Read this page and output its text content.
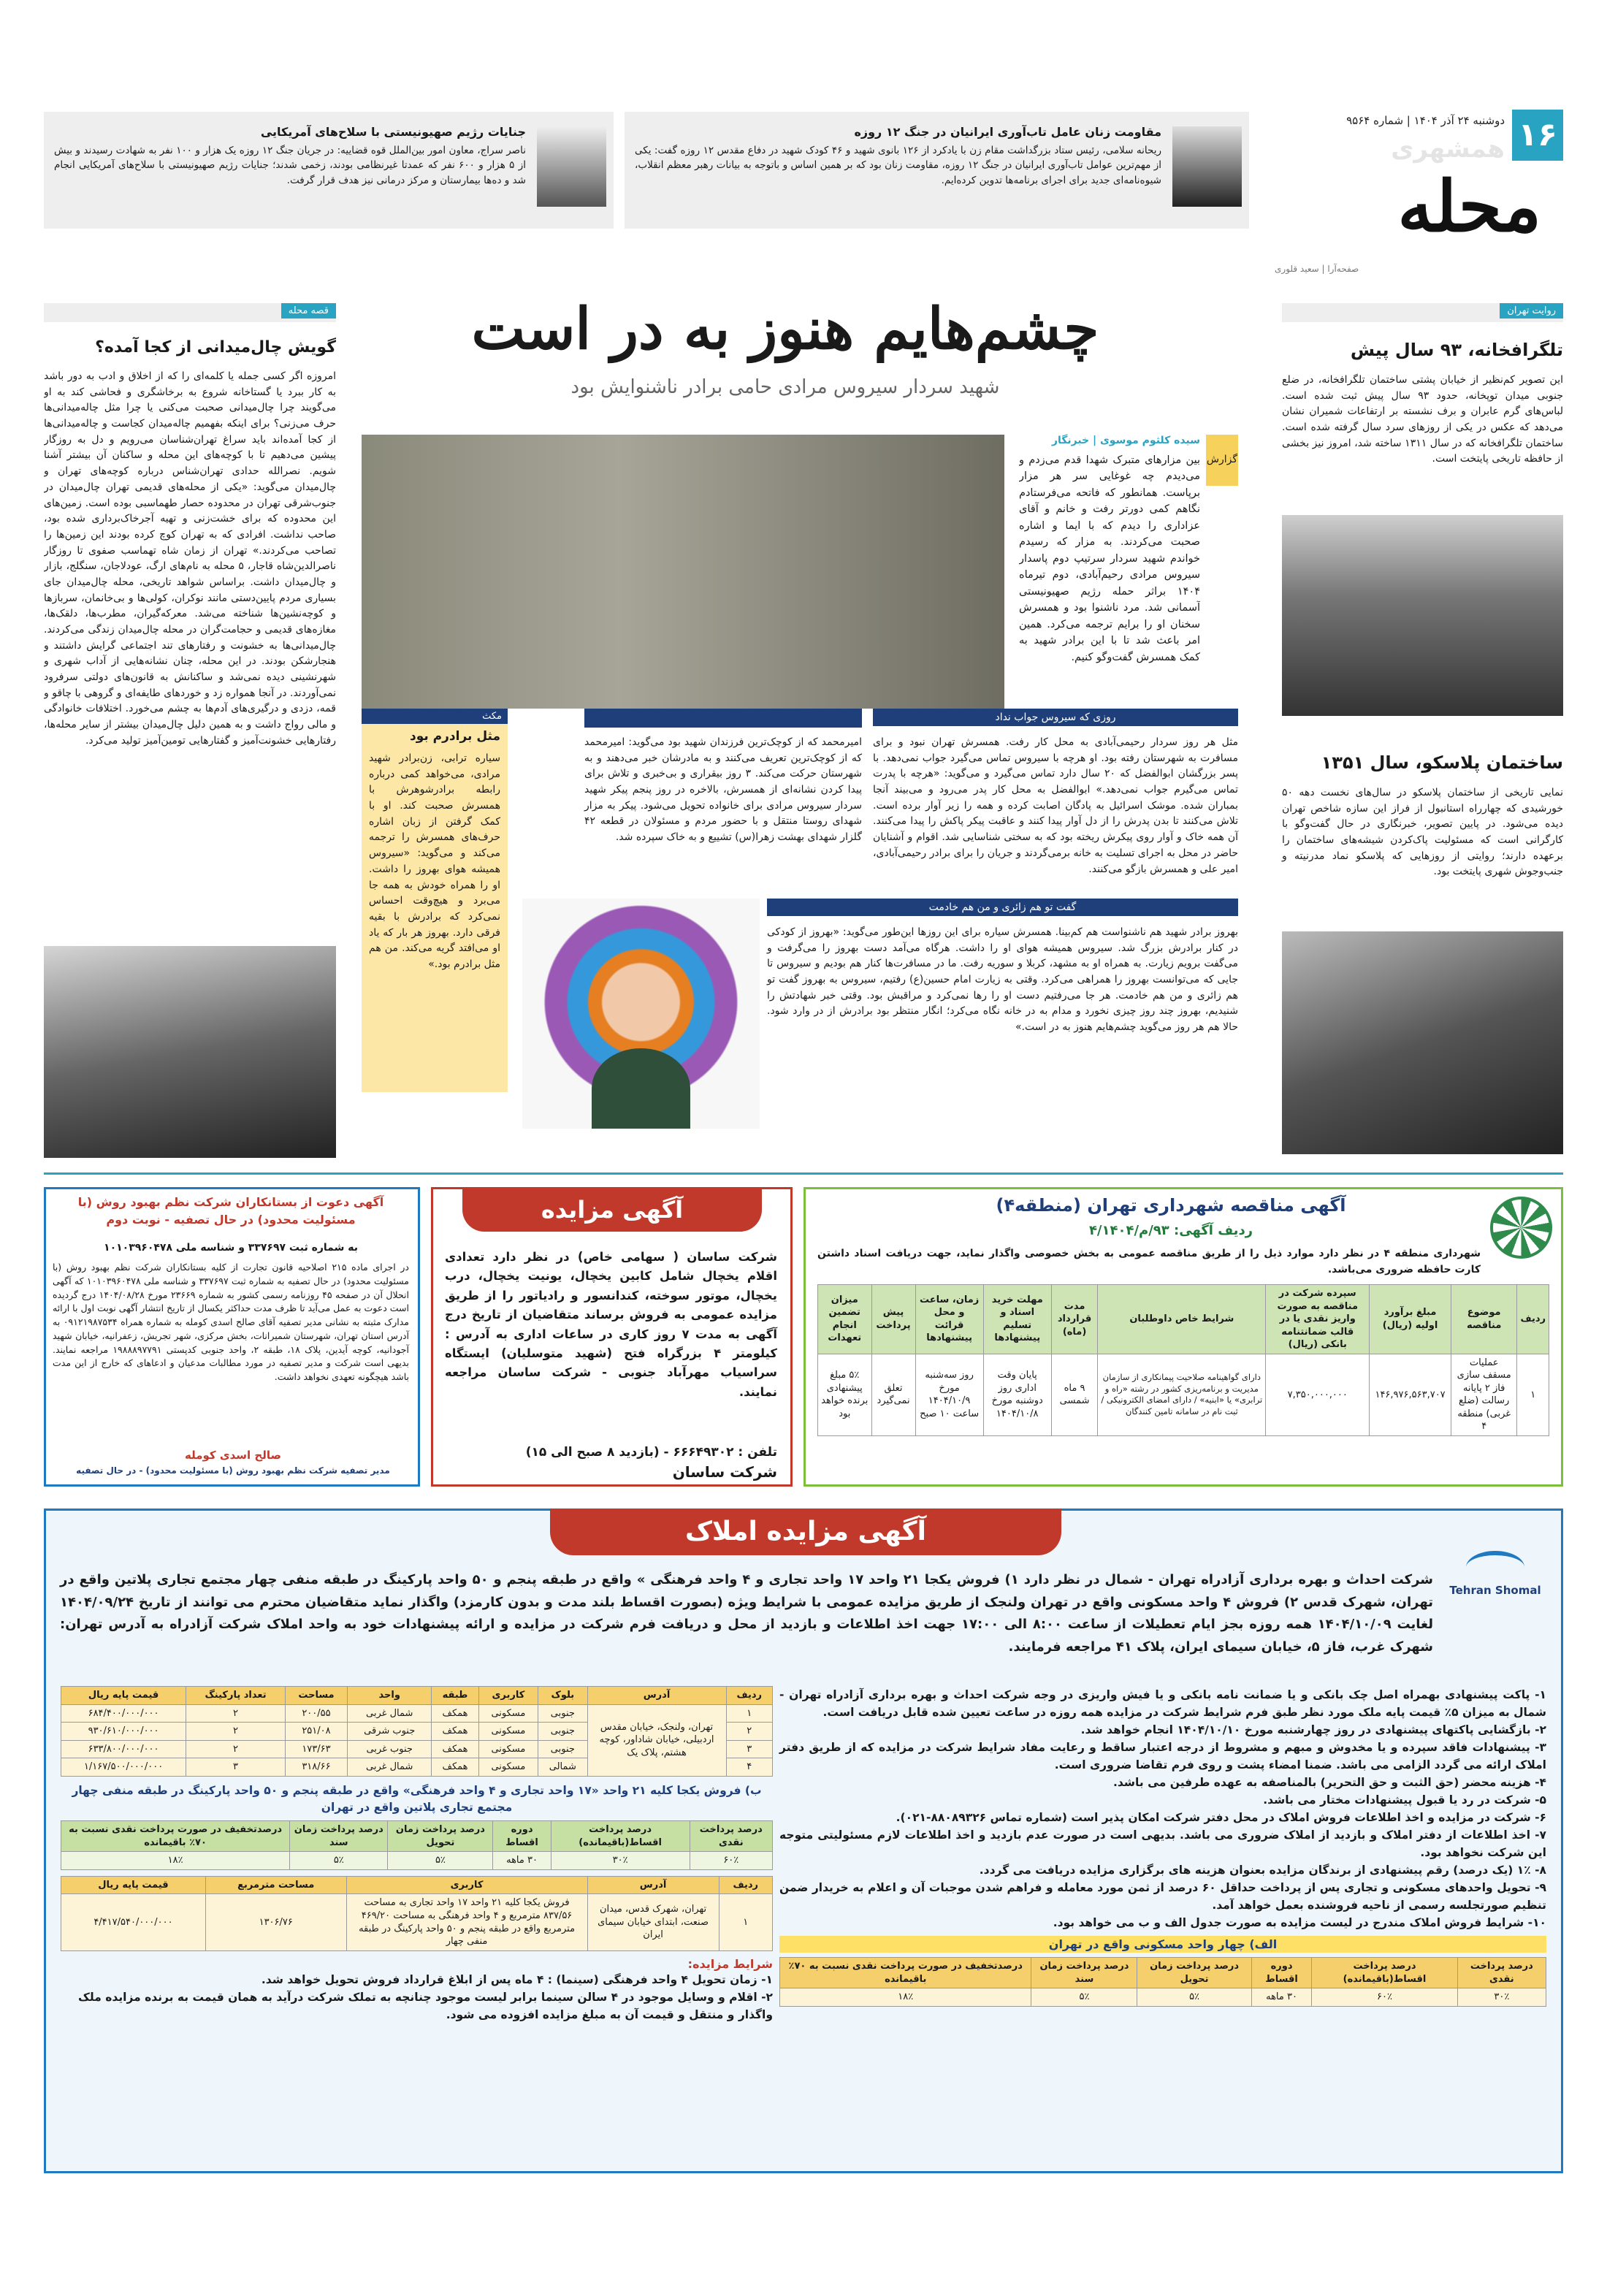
۱۶
دوشنبه ۲۴ آذر ۱۴۰۴ | شماره ۹۵۶۴
همشهری
محله
صفحه‌آرا | سعید قلوری
مقاومت زنان عامل تاب‌آوری ایرانیان در جنگ ۱۲ روزه
ریحانه سلامی، رئیس ستاد بزرگداشت مقام زن با یادکرد از ۱۲۶ بانوی شهید و ۴۶ کودک شهید در دفاع مقدس ۱۲ روزه گفت: یکی از مهم‌ترین عوامل تاب‌آوری ایرانیان در جنگ ۱۲ روزه، مقاومت زنان بود که بر همین اساس و باتوجه به بیانات رهبر معظم انقلاب، شیوه‌نامه‌ای جدید برای اجرای برنامه‌ها تدوین کرده‌ایم.
جنایات رژیم صهیونیستی با سلاح‌های آمریکایی
ناصر سراج، معاون امور بین‌الملل قوه قضاییه: در جریان جنگ ۱۲ روزه یک هزار و ۱۰۰ نفر به شهادت رسیدند و بیش از ۵ هزار و ۶۰۰ نفر که عمدتا غیرنظامی بودند، زخمی شدند؛ جنایات رژیم صهیونیستی با سلاح‌های آمریکایی انجام شد و ده‌ها بیمارستان و مرکز درمانی نیز هدف قرار گرفت.
روایت تهران
تلگرافخانه، ۹۳ سال پیش
این تصویر کم‌نظیر از خیابان پشتی ساختمان تلگرافخانه، در ضلع جنوبی میدان توپخانه، حدود ۹۳ سال پیش ثبت شده است. لباس‌های گرم عابران و برف نشسته بر ارتفاعات شمیران نشان می‌دهد که عکس در یکی از روزهای سرد سال گرفته شده است. ساختمان تلگرافخانه که در سال ۱۳۱۱ ساخته شد، امروز نیز بخشی از حافظه تاریخی پایتخت است.
ساختمان پلاسکو، سال ۱۳۵۱
نمایی تاریخی از ساختمان پلاسکو در سال‌های نخست دهه ۵۰ خورشیدی که چهارراه استانبول از فراز این سازه شاخص تهران دیده می‌شود. در پایین تصویر، خبرنگاری در حال گفت‌وگو با کارگرانی است که مسئولیت پاک‌کردن شیشه‌های ساختمان را برعهده دارند؛ روایتی از روزهایی که پلاسکو نماد مدرنیته و جنب‌وجوش شهری پایتخت بود.
چشم‌هایم هنوز به در است
شهید سردار سیروس مرادی حامی برادر ناشنوایش بود
گزارش
سیده کلثوم موسوی | خبرنگار
بین مزارهای متبرک شهدا قدم می‌زدم و می‌دیدم چه غوغایی سر هر مزار برپاست. همانطور که فاتحه می‌فرستادم نگاهم کمی دورتر رفت و خانم و آقای عزاداری را دیدم که با ایما و اشاره صحبت می‌کردند. به مزار که رسیدم خواندم شهید سردار سرتیپ دوم پاسدار سیروس مرادی رحیم‌آبادی، دوم تیرماه ۱۴۰۴ براثر حمله رژیم صهیونیستی آسمانی شد. مرد ناشنوا بود و همسرش سخنان او را برایم ترجمه می‌کرد. همین امر باعث شد تا با این برادر شهید به کمک همسرش گفت‌وگو کنیم.
روزی که سیروس جواب نداد
مثل هر روز سردار رحیمی‌آبادی به محل کار رفت. همسرش تهران نبود و برای مسافرت به شهرستان رفته بود. او هرچه با سیروس تماس می‌گیرد جواب نمی‌دهد. با پسر بزرگشان ابوالفضل که ۲۰ سال دارد تماس می‌گیرد و می‌گوید: «هرچه با پدرت تماس می‌گیرم جواب نمی‌دهد.» ابوالفضل به محل کار پدر می‌رود و می‌بیند آنجا بمباران شده. موشک اسرائیل به پادگان اصابت کرده و همه را زیر آوار برده است. تلاش می‌کنند تا بدن پدرش را از دل آوار پیدا کنند و عاقبت پیکر پاکش را پیدا می‌کنند. آن همه خاک و آوار روی پیکرش ریخته بود که به سختی شناسایی شد. اقوام و آشنایان حاضر در محل به اجرای تسلیت به خانه برمی‌گردند و جریان را برای برادر رحیمی‌آبادی، امیر علی و همسرش بازگو می‌کنند.
امیرمحمد که از کوچک‌ترین فرزندان شهید بود می‌گوید: امیرمحمد که از کوچک‌ترین تعریف می‌کنند و به مادرشان خبر می‌دهند و به شهرستان حرکت می‌کند. ۳ روز بیقراری و بی‌خبری و تلاش برای پیدا کردن نشانه‌ای از همسرش، بالاخره در روز پنجم پیکر شهید سردار سیروس مرادی برای خانواده تحویل می‌شود. پیکر به مزار شهدای روستا منتقل و با حضور مردم و مسئولان در قطعه ۴۲ گلزار شهدای بهشت زهرا(س) تشییع و به خاک سپرده شد.
گفت تو هم زائری و من هم خادمت
بهروز برادر شهید هم ناشنواست هم کم‌بینا. همسرش سیاره برای این روزها این‌طور می‌گوید: «بهروز از کودکی در کنار برادرش بزرگ شد. سیروس همیشه هوای او را داشت. هرگاه می‌آمد دست بهروز را می‌گرفت و می‌گفت برویم زیارت. به همراه او به مشهد، کربلا و سوریه رفت. ما در مسافرت‌ها کنار هم بودیم و سیروس تا جایی که می‌توانست بهروز را همراهی می‌کرد. وقتی به زیارت امام حسین(ع) رفتیم، سیروس به بهروز گفت تو هم زائری و من هم خادمت. هر جا می‌رفتیم دست او را رها نمی‌کرد و مراقبش بود. وقتی خبر شهادتش را شنیدیم، بهروز چند روز چیزی نخورد و مدام به در خانه نگاه می‌کرد؛ انگار منتظر بود برادرش از در وارد شود. حالا هم هر روز می‌گوید چشم‌هایم هنوز به در است.»
مکث
مثل برادرم بود
سیاره ترابی، زن‌برادر شهید مرادی، می‌خواهد کمی درباره رابطه برادرشوهرش با همسرش صحبت کند. او با کمک گرفتن از زبان اشاره حرف‌های همسرش را ترجمه می‌کند و می‌گوید: «سیروس همیشه هوای بهروز را داشت. او را همراه خودش به همه جا می‌برد و هیچ‌وقت احساس نمی‌کرد که برادرش با بقیه فرقی دارد. بهروز هر بار که یاد او می‌افتد گریه می‌کند. من هم مثل برادرم بود.»
قصه محله
گویش چال‌میدانی از کجا آمده؟
امروزه اگر کسی جمله یا کلمه‌ای را که از اخلاق و ادب به دور باشد به کار ببرد یا گستاخانه شروع به برخاشگری و فحاشی کند به او می‌گویند چرا چال‌میدانی صحبت می‌کنی یا چرا مثل چاله‌میدانی‌ها حرف می‌زنی؟ برای اینکه بفهمیم چاله‌میدان کجاست و چاله‌میدانی‌ها از کجا آمده‌اند باید سراغ تهران‌شناسان می‌رویم و دل به روزگار پیشین می‌دهیم تا با کوچه‌های این محله و ساکنان آن بیشتر آشنا شویم. نصرالله حدادی تهران‌شناس درباره کوچه‌های تهران و چال‌میدان می‌گوید: «یکی از محله‌های قدیمی تهران چال‌میدان در جنوب‌شرقی تهران در محدوده حصار طهماسبی بوده است. زمین‌های این محدوده که برای خشت‌زنی و تهیه آجرخاک‌برداری شده بود، صاحب نداشت. افرادی که به تهران کوچ کرده بودند این زمین‌ها را تصاحب می‌کردند.» تهران از زمان شاه تهماسب صفوی تا روزگار ناصرالدین‌شاه قاجار، ۵ محله به نام‌های ارگ، عودلاجان، سنگلج، بازار و چال‌میدان داشت. براساس شواهد تاریخی، محله چال‌میدان جای بسیاری مردم پایین‌دستی مانند نوکران، کولی‌ها و بی‌خانمان، سربازها و کوچه‌نشین‌ها شناخته می‌شد. معرکه‌گیران، مطرب‌ها، دلقک‌ها، مغازه‌های قدیمی و حجامت‌گران در محله چال‌میدان زندگی می‌کردند. چال‌میدانی‌ها به خشونت و رفتارهای تند اجتماعی گرایش داشتند و هنجارشکن بودند. در این محله، چنان نشانه‌هایی از آداب شهری و شهرنشینی دیده نمی‌شد و ساکنانش به قانون‌های دولتی سرفرود نمی‌آوردند. در آنجا همواره زد و خوردهای طایفه‌ای و گروهی با چاقو و قمه، دزدی و درگیری‌های آدم‌ها به چشم می‌خورد. اختلافات خانوادگی و مالی رواج داشت و به همین دلیل چال‌میدان بیشتر از سایر محله‌ها، رفتارهایی خشونت‌آمیز و گفتارهایی تومین‌آمیز تولید می‌کرد.
آگهی مناقصه شهرداری تهران (منطقه۴)
ردیف آگهی: ۹۳/م/۴/۱۴۰۴
شهرداری منطقه ۴ در نظر دارد موارد ذیل را از طریق مناقصه عمومی به بخش خصوصی واگذار نماید، جهت دریافت اسناد داشتن کارت حافظه ضروری می‌باشد.
ردیف	موضوع مناقصه	مبلغ برآورد اولیه (ریال)	سپرده شرکت در مناقصه به صورت واریز نقدی یا در قالب ضمانتنامه بانکی (ریال)	شرایط خاص داوطلبان	مدت قرارداد (ماه)	مهلت خرید اسناد و تسلیم پیشنهادها	زمان، ساعت و محل قرائت پیشنهادها	پیش پرداخت	میزان تضمین انجام تعهدات
۱	عملیات مسقف سازی فاز ۲ پایانه رسالت (ضلع غربی) منطقه ۴	۱۴۶,۹۷۶,۵۶۳,۷۰۷	۷,۳۵۰,۰۰۰,۰۰۰	دارای گواهینامه صلاحیت پیمانکاری از سازمان مدیریت و برنامه‌ریزی کشور در رشته «راه و ترابری» یا «ابنیه» / دارای امضای الکترونیکی / ثبت نام در سامانه تامین کنندگان	۹ ماه شمسی	پایان وقت اداری روز دوشنبه مورخ ۱۴۰۴/۱۰/۸	روز سه‌شنبه مورخ ۱۴۰۴/۱۰/۹ ساعت ۱۰ صبح	تعلق نمی‌گیرد	۵٪ مبلغ پیشنهادی برنده خواهد بود
آگهی مزایده
شرکت ساسان ( سهامی خاص) در نظر دارد تعدادی اقلام یخچال شامل کابین یخچال، یونیت یخچال، درب یخچال، موتور سوخته، کندانسور و رادیاتور را از طریق مزایده عمومی به فروش برساند متقاضیان از تاریخ درج آگهی به مدت ۷ روز کاری در ساعات اداری به آدرس : کیلومتر ۴ بزرگراه فتح (شهید متوسلیان) ایستگاه سراسیاب مهرآباد جنوبی - شرکت ساسان مراجعه نمایند.
تلفن : ۶۶۶۴۹۳۰۲ - (بازدید ۸ صبح الی ۱۵)
شرکت ساسان
آگهی دعوت از بستانکاران شرکت نظم بهبود روش (با مسئولیت محدود) در حال تصفیه - نوبت دوم
به شماره ثبت ۳۳۷۶۹۷ و شناسه ملی ۱۰۱۰۳۹۶۰۴۷۸
در اجرای ماده ۲۱۵ اصلاحیه قانون تجارت از کلیه بستانکاران شرکت نظم بهبود روش (با مسئولیت محدود) در حال تصفیه به شماره ثبت ۳۳۷۶۹۷ و شناسه ملی ۱۰۱۰۳۹۶۰۴۷۸ که آگهی انحلال آن در صفحه ۴۵ روزنامه رسمی کشور به شماره ۲۳۶۶۹ مورخ ۱۴۰۴/۰۸/۲۸ درج گردیده است دعوت به عمل می‌آید تا ظرف مدت حداکثر یکسال از تاریخ انتشار آگهی نوبت اول با ارائه مدارک مثبته به نشانی مدیر تصفیه آقای صالح اسدی کومله به شماره همراه ۰۹۱۲۱۹۸۷۵۳۴ به آدرس استان تهران، شهرستان شمیرانات، بخش مرکزی، شهر تجریش، زعفرانیه، خیابان شهید آجودانیه، کوچه آیدین، پلاک ۱۸، طبقه ۲، واحد جنوبی کدپستی ۱۹۸۸۸۹۷۷۹۱ مراجعه نمایند. بدیهی است شرکت و مدیر تصفیه در مورد مطالبات مدعیان و ادعاهای که خارج از این مدت باشد هیچگونه تعهدی نخواهد داشت.
صالح اسدی کومله
مدیر تصفیه شرکت نظم بهبود روش (با مسئولیت محدود) - در حال تصفیه
آگهی مزایده املاک
Tehran Shomal
شرکت احداث و بهره برداری آزادراه تهران - شمال در نظر دارد ۱) فروش یکجا ۲۱ واحد ۱۷ واحد تجاری و ۴ واحد فرهنگی » واقع در طبقه پنجم و ۵۰ واحد پارکینگ در طبقه منفی چهار مجتمع تجاری پلاتین واقع در تهران، شهرک قدس ۲) فروش ۴ واحد مسکونی واقع در تهران ولنجک از طریق مزایده عمومی با شرایط ویژه (بصورت اقساط بلند مدت و بدون کارمزد) واگذار نماید متقاضیان محترم می توانند از تاریخ ۱۴۰۴/۰۹/۲۴ لغایت ۱۴۰۴/۱۰/۰۹ همه روزه بجز ایام تعطیلات از ساعت ۸:۰۰ الی ۱۷:۰۰ جهت اخذ اطلاعات و بازدید از محل و دریافت فرم شرکت در مزایده و ارائه پیشنهادات خود به واحد املاک شرکت آزادراه به آدرس تهران: شهرک غرب، فاز ۵، خیابان سیمای ایران، پلاک ۴۱ مراجعه فرمایند.
۱- پاکت پیشنهادی بهمراه اصل چک بانکی و یا ضمانت نامه بانکی و یا فیش واریزی در وجه شرکت احداث و بهره برداری آزادراه تهران - شمال به میزان ۵٪ قیمت پایه ملک مورد نظر طبق فرم شرایط شرکت در مزایده همه روزه در ساعت تعیین شده قابل دریافت است.
۲- بازگشایی پاکتهای پیشنهادی در روز چهارشنبه مورخ ۱۴۰۴/۱۰/۱۰ انجام خواهد شد.
۳- پیشنهادات فاقد سپرده و یا مخدوش و مبهم و مشروط از درجه اعتبار ساقط و رعایت مفاد شرایط شرکت در مزایده که از طریق دفتر املاک ارائه می گردد الزامی می باشد. ضمنا امضاء پشت و روی فرم تقاضا ضروری است.
۴- هزینه محضر (حق الثبت و حق التحریر) بالمناصفه به عهده طرفین می باشد.
۵- شرکت در رد یا قبول پیشنهادات مختار می باشد.
۶- شرکت در مزایده و اخذ اطلاعات فروش املاک در محل دفتر شرکت امکان پذیر است (شماره تماس ۸۸۰۸۹۳۲۶-۰۲۱).
۷- اخذ اطلاعات از دفتر املاک و بازدید از املاک ضروری می باشد. بدیهی است در صورت عدم بازدید و اخذ اطلاعات لازم مسئولیتی متوجه این شرکت نخواهد بود.
۸- ۱٪ (یک درصد) رقم پیشنهادی از برندگان مزایده بعنوان هزینه های برگزاری مزایده دریافت می گردد.
۹- تحویل واحدهای مسکونی و تجاری پس از پرداخت حداقل ۶۰ درصد از ثمن مورد معامله و فراهم شدن موجبات آن و اعلام به خریدار ضمن تنظیم صورتجلسه رسمی از ناحیه فروشنده بعمل خواهد آمد.
۱۰- شرایط فروش املاک مندرج در لیست مزایده به صورت جدول الف و ب می خواهد بود.
الف) چهار واحد مسکونی واقع در تهران
درصد پرداخت نقدی	درصد پرداخت اقساط(باقیمانده)	دوره اقساط	درصد پرداخت زمان تحویل	درصد پرداخت زمان سند	درصدتخفیف در صورت پرداخت نقدی نسبت به ۷۰٪ باقیمانده
۳۰٪	۶۰٪	۳۰ ماهه	۵٪	۵٪	۱۸٪
ردیف	آدرس	بلوک	کاربری	طبقه	واحد	مساحت	تعداد پارکینگ	قیمت پایه ریال
۱	تهران، ولنجک، خیابان مقدس اردبیلی، خیابان شاداور، کوچه هشتم، پلاک یک	جنوبی	مسکونی	همکف	شمال غربی	۲۰۰/۵۵	۲	۶۸۴/۴۰۰/۰۰۰/۰۰۰
۲		جنوبی	مسکونی	همکف	جنوب شرقی	۲۵۱/۰۸	۲	۹۳۰/۶۱۰/۰۰۰/۰۰۰
۳		جنوبی	مسکونی	همکف	جنوب غربی	۱۷۳/۶۳	۲	۶۳۳/۸۰۰/۰۰۰/۰۰۰
۴		شمالی	مسکونی	همکف	شمال غربی	۳۱۸/۶۶	۳	۱/۱۶۷/۵۰۰/۰۰۰/۰۰۰
ب) فروش یکجا کلیه ۲۱ واحد «۱۷ واحد تجاری و ۴ واحد فرهنگی» واقع در طبقه پنجم و ۵۰ واحد پارکینگ در طبقه منفی چهار مجتمع تجاری پلاتین واقع در تهران
درصد پرداخت نقدی	درصد پرداخت اقساط(باقیمانده)	دوره اقساط	درصد پرداخت زمان تحویل	درصد پرداخت زمان سند	درصدتخفیف در صورت پرداخت نقدی نسبت به ۷۰٪ باقیمانده
۶۰٪	۳۰٪	۳۰ ماهه	۵٪	۵٪	۱۸٪
ردیف	آدرس	کاربری	مساحت مترمربع	قیمت پایه ریال
۱	تهران، شهرک قدس، میدان صنعت، ابتدای خیابان سیمای ایران	فروش یکجا کلیه ۲۱ واحد ۱۷ واحد تجاری به مساحت ۸۳۷/۵۶ مترمربع و ۴ واحد فرهنگی به مساحت ۴۶۹/۲۰ مترمربع واقع در طبقه پنجم و ۵۰ واحد پارکینگ در طبقه منفی چهار	۱۳۰۶/۷۶	۴/۴۱۷/۵۴۰/۰۰۰/۰۰۰
شرایط مزایده:
۱- زمان تحویل ۴ واحد فرهنگی (سینما) : ۴ ماه پس از ابلاغ قرارداد فروش تحویل خواهد شد.
۲- اقلام و وسایل موجود در ۴ سالن سینما برابر لیست موجود چنانچه به تملک شرکت درآید به همان قیمت به برنده مزایده ملک واگذار و منتقل و قیمت آن به مبلغ مزایده افزوده می شود.
